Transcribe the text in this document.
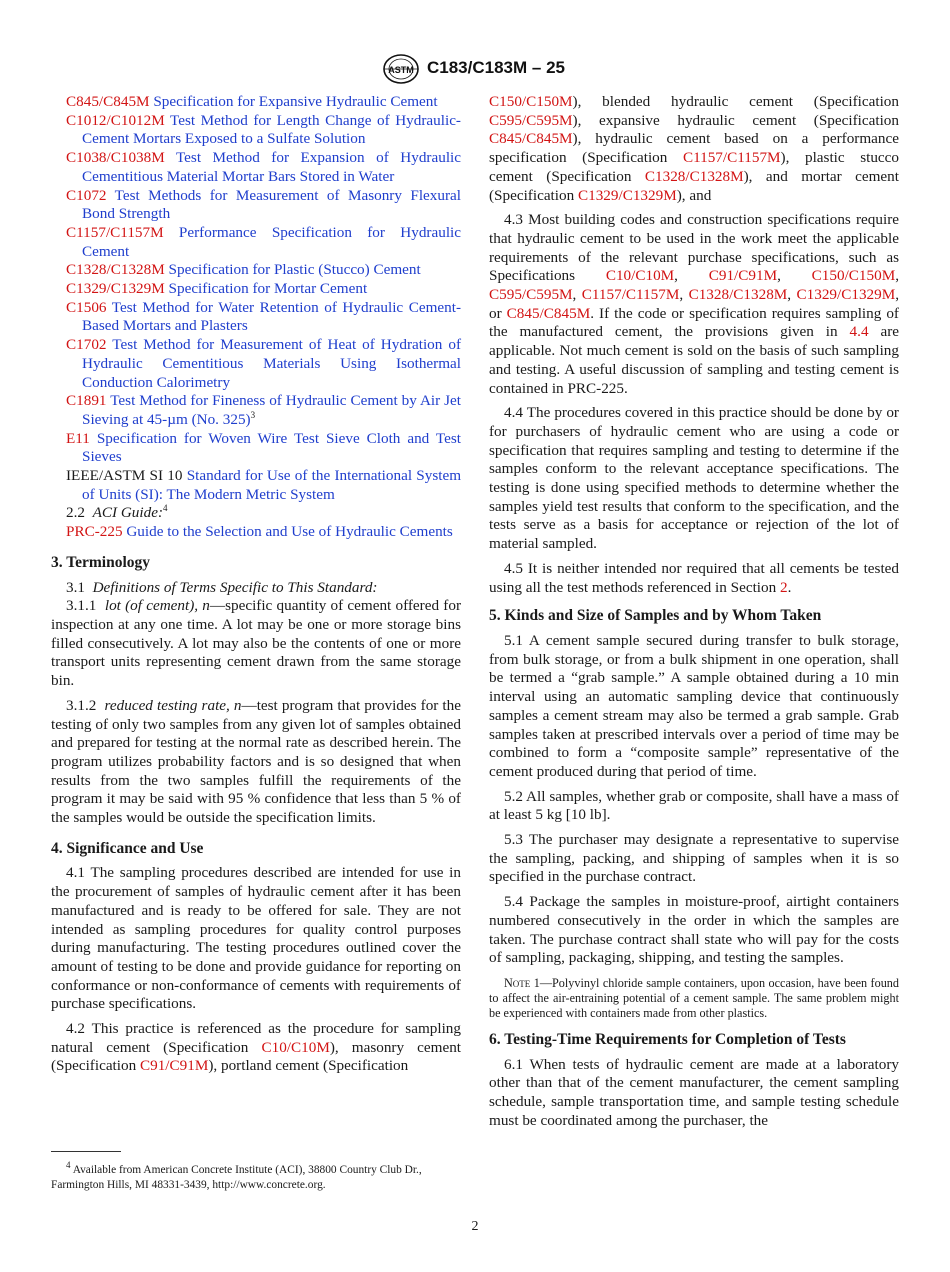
ASTM C183/C183M – 25

C845/C845M Specification for Expansive Hydraulic Cement

C1012/C1012M Test Method for Length Change of Hydraulic-Cement Mortars Exposed to a Sulfate Solution

C1038/C1038M Test Method for Expansion of Hydraulic Cementitious Material Mortar Bars Stored in Water

C1072 Test Methods for Measurement of Masonry Flexural Bond Strength

C1157/C1157M Performance Specification for Hydraulic Cement

C1328/C1328M Specification for Plastic (Stucco) Cement

C1329/C1329M Specification for Mortar Cement

C1506 Test Method for Water Retention of Hydraulic Cement-Based Mortars and Plasters

C1702 Test Method for Measurement of Heat of Hydration of Hydraulic Cementitious Materials Using Isothermal Conduction Calorimetry

C1891 Test Method for Fineness of Hydraulic Cement by Air Jet Sieving at 45-µm (No. 325)$^3$

E11 Specification for Woven Wire Test Sieve Cloth and Test Sieves

IEEE/ASTM SI 10 Standard for Use of the International System of Units (SI): The Modern Metric System

2.2 ACI Guide:$^4$

PRC-225 Guide to the Selection and Use of Hydraulic Cements

3. Terminology

3.1 Definitions of Terms Specific to This Standard:

3.1.1 lot (of cement), n—specific quantity of cement offered for inspection at any one time. A lot may be one or more storage bins filled consecutively. A lot may also be the contents of one or more transport units representing cement drawn from the same storage bin.

3.1.2 reduced testing rate, n—test program that provides for the testing of only two samples from any given lot of samples obtained and prepared for testing at the normal rate as described herein. The program utilizes probability factors and is so designed that when results from the two samples fulfill the requirements of the program it may be said with 95 % confidence that less than 5 % of the samples would be outside the specification limits.

4. Significance and Use

4.1 The sampling procedures described are intended for use in the procurement of samples of hydraulic cement after it has been manufactured and is ready to be offered for sale. They are not intended as sampling procedures for quality control purposes during manufacturing. The testing procedures outlined cover the amount of testing to be done and provide guidance for reporting on conformance or non-conformance of cements with requirements of purchase specifications.

4.2 This practice is referenced as the procedure for sampling natural cement (Specification C10/C10M), masonry cement (Specification C91/C91M), portland cement (Specification

C150/C150M), blended hydraulic cement (Specification C595/C595M), expansive hydraulic cement (Specification C845/C845M), hydraulic cement based on a performance specification (Specification C1157/C1157M), plastic stucco cement (Specification C1328/C1328M), and mortar cement (Specification C1329/C1329M), and

4.3 Most building codes and construction specifications require that hydraulic cement to be used in the work meet the applicable requirements of the relevant purchase specifications, such as Specifications C10/C10M, C91/C91M, C150/C150M, C595/C595M, C1157/C1157M, C1328/C1328M, C1329/C1329M, or C845/C845M. If the code or specification requires sampling of the manufactured cement, the provisions given in 4.4 are applicable. Not much cement is sold on the basis of such sampling and testing. A useful discussion of sampling and testing cement is contained in PRC-225.

4.4 The procedures covered in this practice should be done by or for purchasers of hydraulic cement who are using a code or specification that requires sampling and testing to determine if the samples conform to the relevant acceptance specifications. The testing is done using specified methods to determine whether the samples yield test results that conform to the specification, and the tests serve as a basis for acceptance or rejection of the lot of material sampled.

4.5 It is neither intended nor required that all cements be tested using all the test methods referenced in Section 2.

5. Kinds and Size of Samples and by Whom Taken

5.1 A cement sample secured during transfer to bulk storage, from bulk storage, or from a bulk shipment in one operation, shall be termed a “grab sample.” A sample obtained during a 10 min interval using an automatic sampling device that continuously samples a cement stream may also be termed a grab sample. Grab samples taken at prescribed intervals over a period of time may be combined to form a “composite sample” representative of the cement produced during that period of time.

5.2 All samples, whether grab or composite, shall have a mass of at least 5 kg [10 lb].

5.3 The purchaser may designate a representative to supervise the sampling, packing, and shipping of samples when it is so specified in the purchase contract.

5.4 Package the samples in moisture-proof, airtight containers numbered consecutively in the order in which the samples are taken. The purchase contract shall state who will pay for the costs of sampling, packaging, shipping, and testing the samples.

Note 1—Polyvinyl chloride sample containers, upon occasion, have been found to affect the air-entraining potential of a cement sample. The same problem might be experienced with containers made from other plastics.

6. Testing-Time Requirements for Completion of Tests

6.1 When tests of hydraulic cement are made at a laboratory other than that of the cement manufacturer, the cement sampling schedule, sample transportation time, and sample testing schedule must be coordinated among the purchaser, the

$^4$ Available from American Concrete Institute (ACI), 38800 Country Club Dr., Farmington Hills, MI 48331-3439, http://www.concrete.org.
2
